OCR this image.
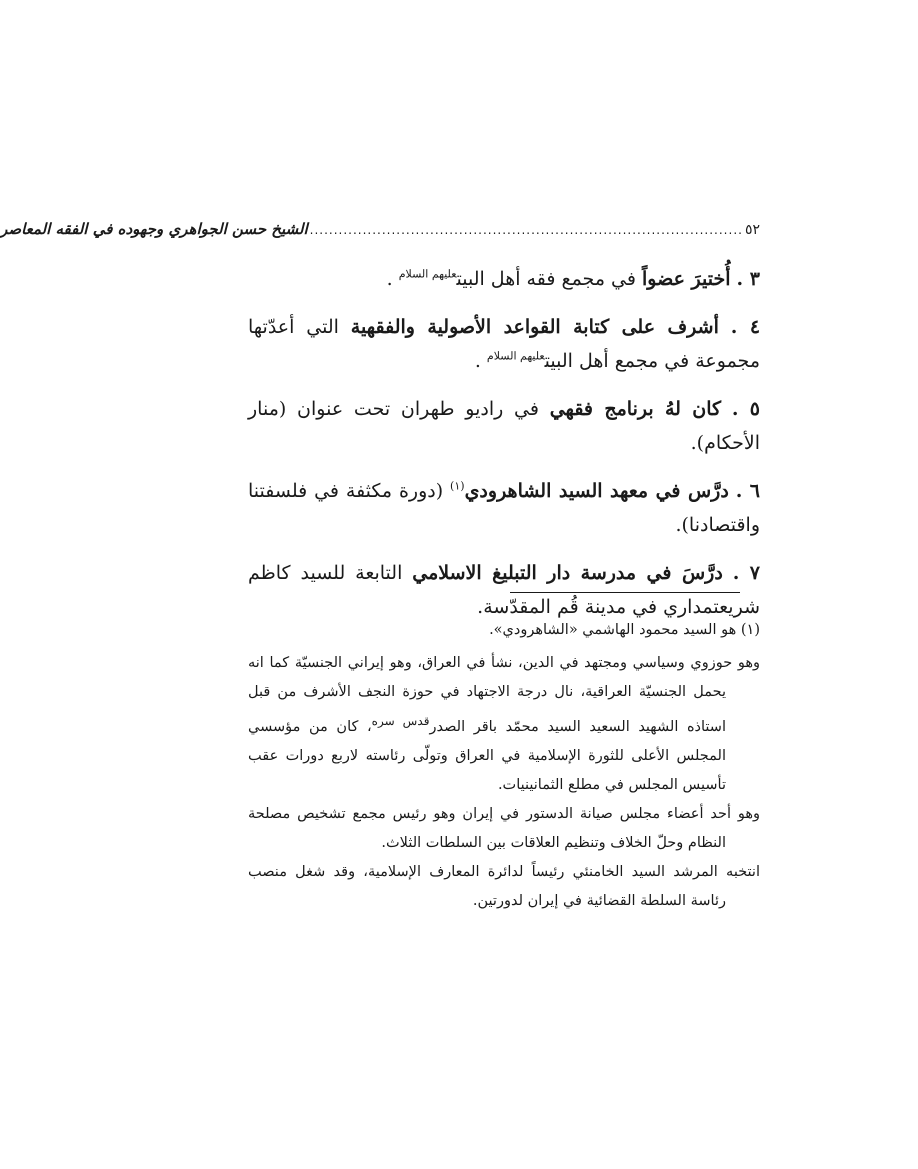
٥٢
..........................................................................................
الشيخ حسن الجواهري وجهوده في الفقه المعاصر

٣ . أُختيرَ عضواً في مجمع فقه أهل البيت$^{عليهم السلام}$ .

٤ . أشرف على كتابة القواعد الأصولية والفقهية التي أعدّتها مجموعة في مجمع أهل البيت$^{عليهم السلام}$ .

٥ . كان لهُ برنامج فقهي في راديو طهران تحت عنوان (منار الأحكام).

٦ . درَّس في معهد السيد الشاهرودي$^{(١)}$ (دورة مكثفة في فلسفتنا واقتصادنا).

٧ . درَّسَ في مدرسة دار التبليغ الاسلامي التابعة للسيد كاظم شريعتمداري في مدينة قُم المقدّسة.

(١) هو السيد محمود الهاشمي «الشاهرودي».

وهو حوزوي وسياسي ومجتهد في الدين، نشأ في العراق، وهو إيراني الجنسيّة كما انه يحمل الجنسيّة العراقية، نال درجة الاجتهاد في حوزة النجف الأشرف من قبل استاذه الشهيد السعيد السيد محمّد باقر الصدر$^{قدس سره}$، كان من مؤسسي المجلس الأعلى للثورة الإسلامية في العراق وتولّى رئاسته لاربع دورات عقب تأسيس المجلس في مطلع الثمانينيات.

وهو أحد أعضاء مجلس صيانة الدستور في إيران وهو رئيس مجمع تشخيص مصلحة النظام وحلّ الخلاف وتنظيم العلاقات بين السلطات الثلاث.

انتخبه المرشد السيد الخامنئي رئيساً لدائرة المعارف الإسلامية، وقد شغل منصب رئاسة السلطة القضائية في إيران لدورتين.
